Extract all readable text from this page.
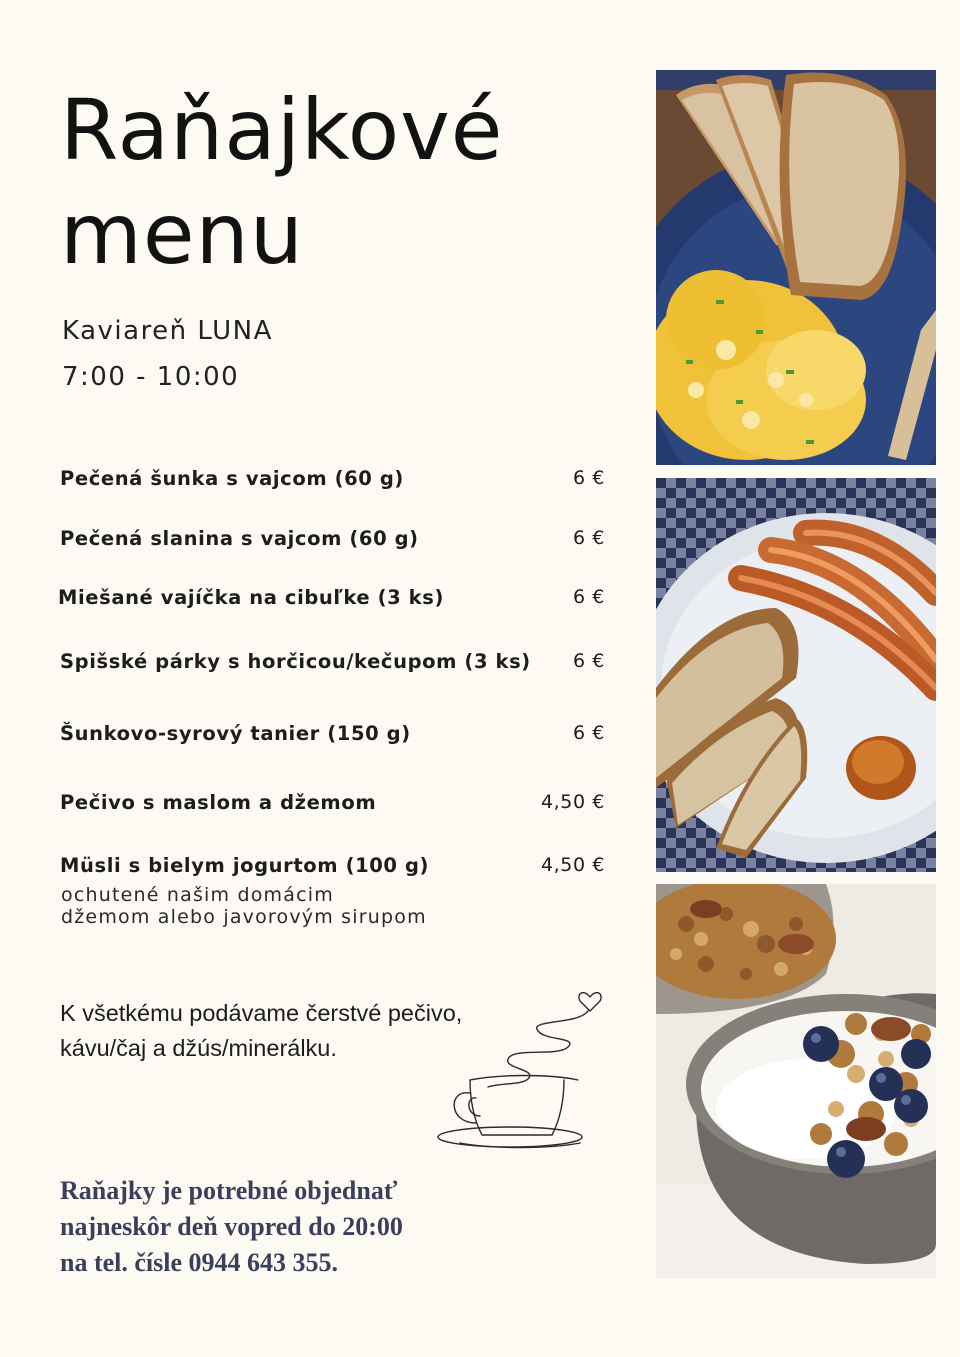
Raňajkové
menu
Kaviareň LUNA
7:00 - 10:00
Pečená šunka s vajcom (60 g)	6 €
Pečená slanina s vajcom (60 g)	6 €
Miešané vajíčka na cibuľke (3 ks)	6 €
Spišské párky s horčicou/kečupom (3 ks) 6 €
Šunkovo-syrový tanier (150 g)	6 €
Pečivo s maslom a džemom	4,50 €
Müsli s bielym jogurtom (100 g)	4,50 €
ochutené našim domácim
džemom alebo javorovým sirupom
K všetkému podávame čerstvé pečivo,
kávu/čaj a džús/minerálku.
Raňajky je potrebné objednať
najneskôr deň vopred do 20:00
na tel. čísle 0944 643 355.
